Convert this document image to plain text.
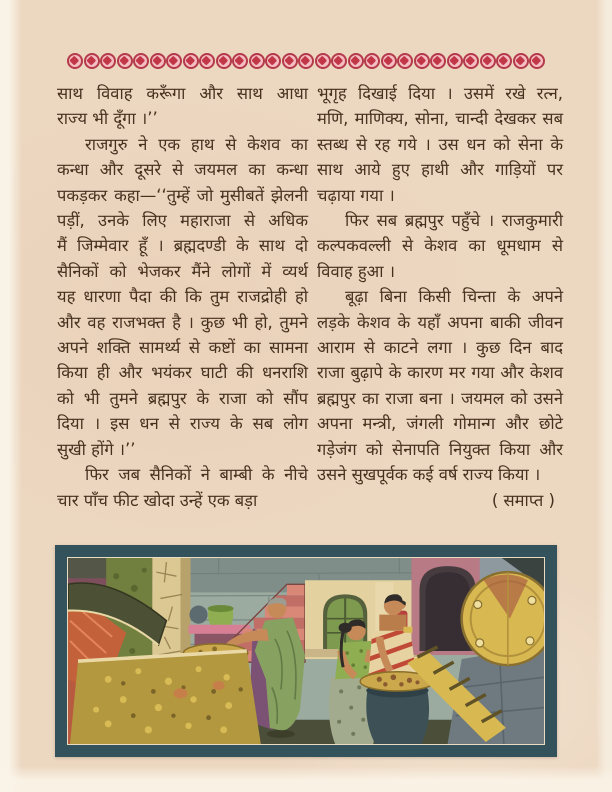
साथ विवाह करूँगा और साथ आधा
राज्य भी दूँगा ।’’
राजगुरु ने एक हाथ से केशव का
कन्धा और दूसरे से जयमल का कन्धा
पकड़कर कहा—‘‘तुम्हें जो मुसीबतें झेलनी
पड़ीं, उनके लिए महाराजा से अधिक
मैं जिम्मेवार हूँ । ब्रह्मदण्डी के साथ दो
सैनिकों को भेजकर मैंने लोगों में व्यर्थ
यह धारणा पैदा की कि तुम राजद्रोही हो
और वह राजभक्त है । कुछ भी हो, तुमने
अपने शक्ति सामर्थ्य से कष्टों का सामना
किया ही और भयंकर घाटी की धनराशि
को भी तुमने ब्रह्मपुर के राजा को सौंप
दिया । इस धन से राज्य के सब लोग
सुखी होंगे ।’’
फिर जब सैनिकों ने बाम्बी के नीचे
चार पाँच फीट खोदा उन्हें एक बड़ा
भूगृह दिखाई दिया । उसमें रखे रत्न,
मणि, माणिक्य, सोना, चान्दी देखकर सब
स्तब्ध से रह गये । उस धन को सेना के
साथ आये हुए हाथी और गाड़ियों पर
चढ़ाया गया ।
फिर सब ब्रह्मपुर पहुँचे । राजकुमारी
कल्पकवल्ली से केशव का धूमधाम से
विवाह हुआ ।
बूढ़ा बिना किसी चिन्ता के अपने
लड़के केशव के यहाँ अपना बाकी जीवन
आराम से काटने लगा । कुछ दिन बाद
राजा बुढ़ापे के कारण मर गया और केशव
ब्रह्मपुर का राजा बना । जयमल को उसने
अपना मन्त्री, जंगली गोमान्ग और छोटे
गड़ेजंग को सेनापति नियुक्त किया और
उसने सुखपूर्वक कई वर्ष राज्य किया ।
( समाप्त )
